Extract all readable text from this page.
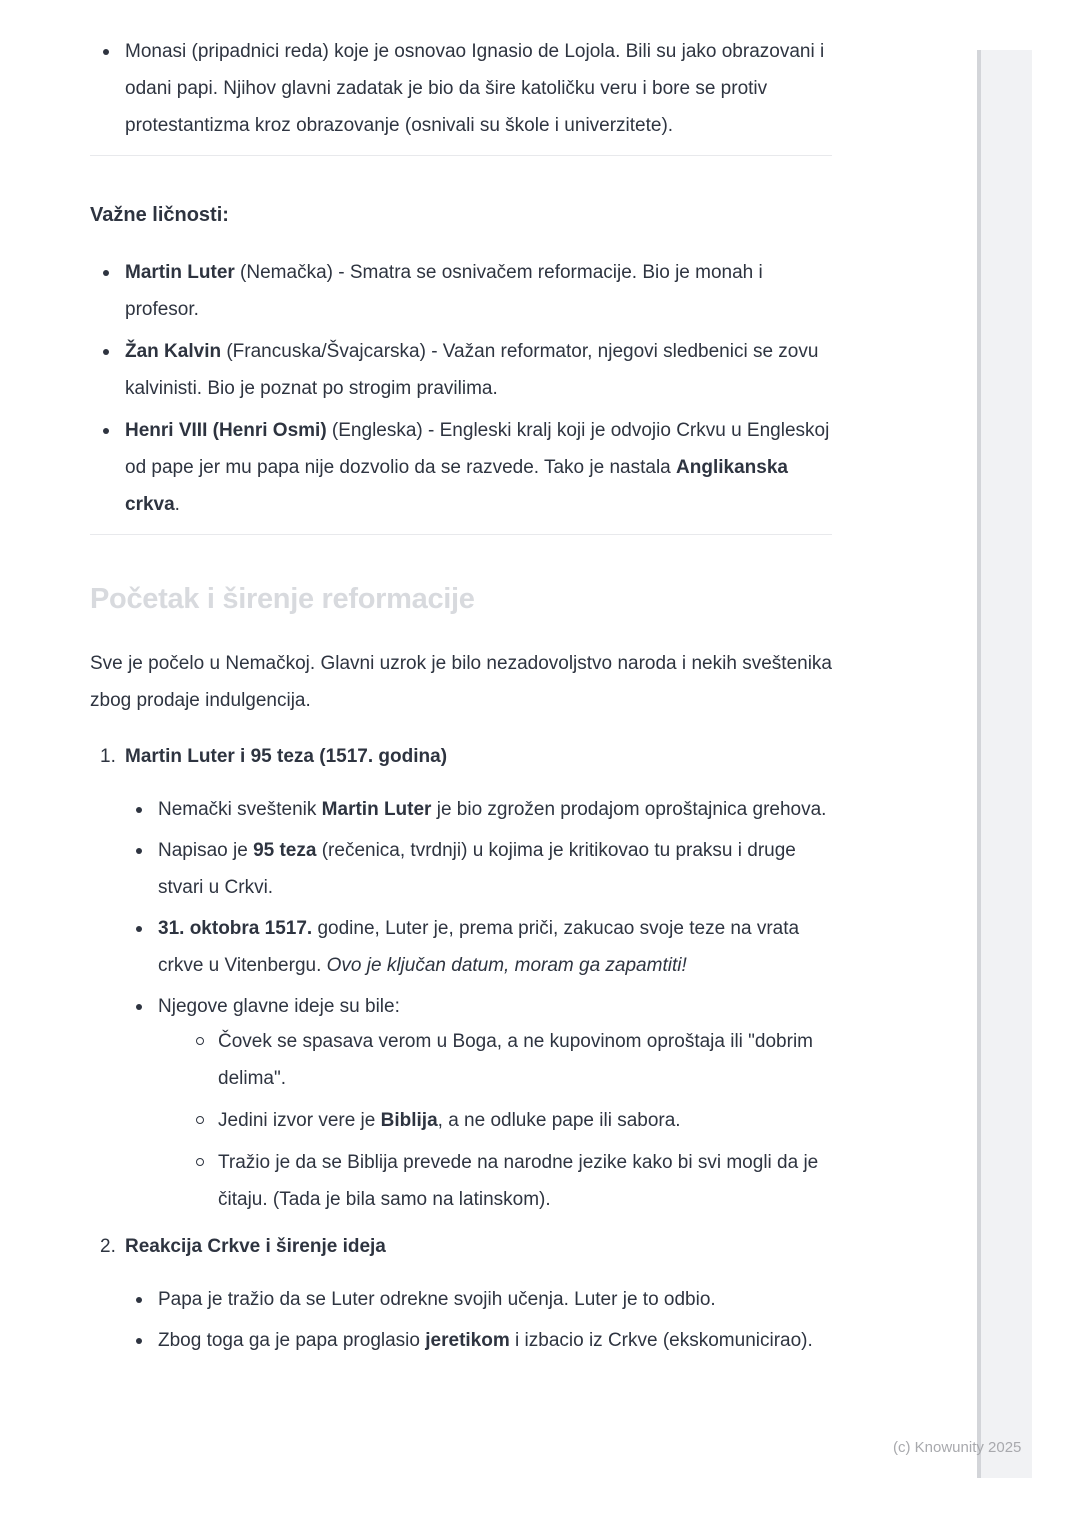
Monasi (pripadnici reda) koje je osnovao Ignasio de Lojola. Bili su jako obrazovani i odani papi. Njihov glavni zadatak je bio da šire katoličku veru i bore se protiv protestantizma kroz obrazovanje (osnivali su škole i univerzitete).
Važne ličnosti:
Martin Luter (Nemačka) - Smatra se osnivačem reformacije. Bio je monah i profesor.
Žan Kalvin (Francuska/Švajcarska) - Važan reformator, njegovi sledbenici se zovu kalvinisti. Bio je poznat po strogim pravilima.
Henri VIII (Henri Osmi) (Engleska) - Engleski kralj koji je odvojio Crkvu u Engleskoj od pape jer mu papa nije dozvolio da se razvede. Tako je nastala Anglikanska crkva.
Početak i širenje reformacije
Sve je počelo u Nemačkoj. Glavni uzrok je bilo nezadovoljstvo naroda i nekih sveštenika zbog prodaje indulgencija.
1. Martin Luter i 95 teza (1517. godina)
Nemački sveštenik Martin Luter je bio zgrožen prodajom oproštajnica grehova.
Napisao je 95 teza (rečenica, tvrdnji) u kojima je kritikovao tu praksu i druge stvari u Crkvi.
31. oktobra 1517. godine, Luter je, prema priči, zakucao svoje teze na vrata crkve u Vitenbergu. Ovo je ključan datum, moram ga zapamtiti!
Njegove glavne ideje su bile:
Čovek se spasava verom u Boga, a ne kupovinom oproštaja ili "dobrim delima".
Jedini izvor vere je Biblija, a ne odluke pape ili sabora.
Tražio je da se Biblija prevede na narodne jezike kako bi svi mogli da je čitaju. (Tada je bila samo na latinskom).
2. Reakcija Crkve i širenje ideja
Papa je tražio da se Luter odrekne svojih učenja. Luter je to odbio.
Zbog toga ga je papa proglasio jeretikom i izbacio iz Crkve (ekskomunicirao).
(c) Knowunity 2025
